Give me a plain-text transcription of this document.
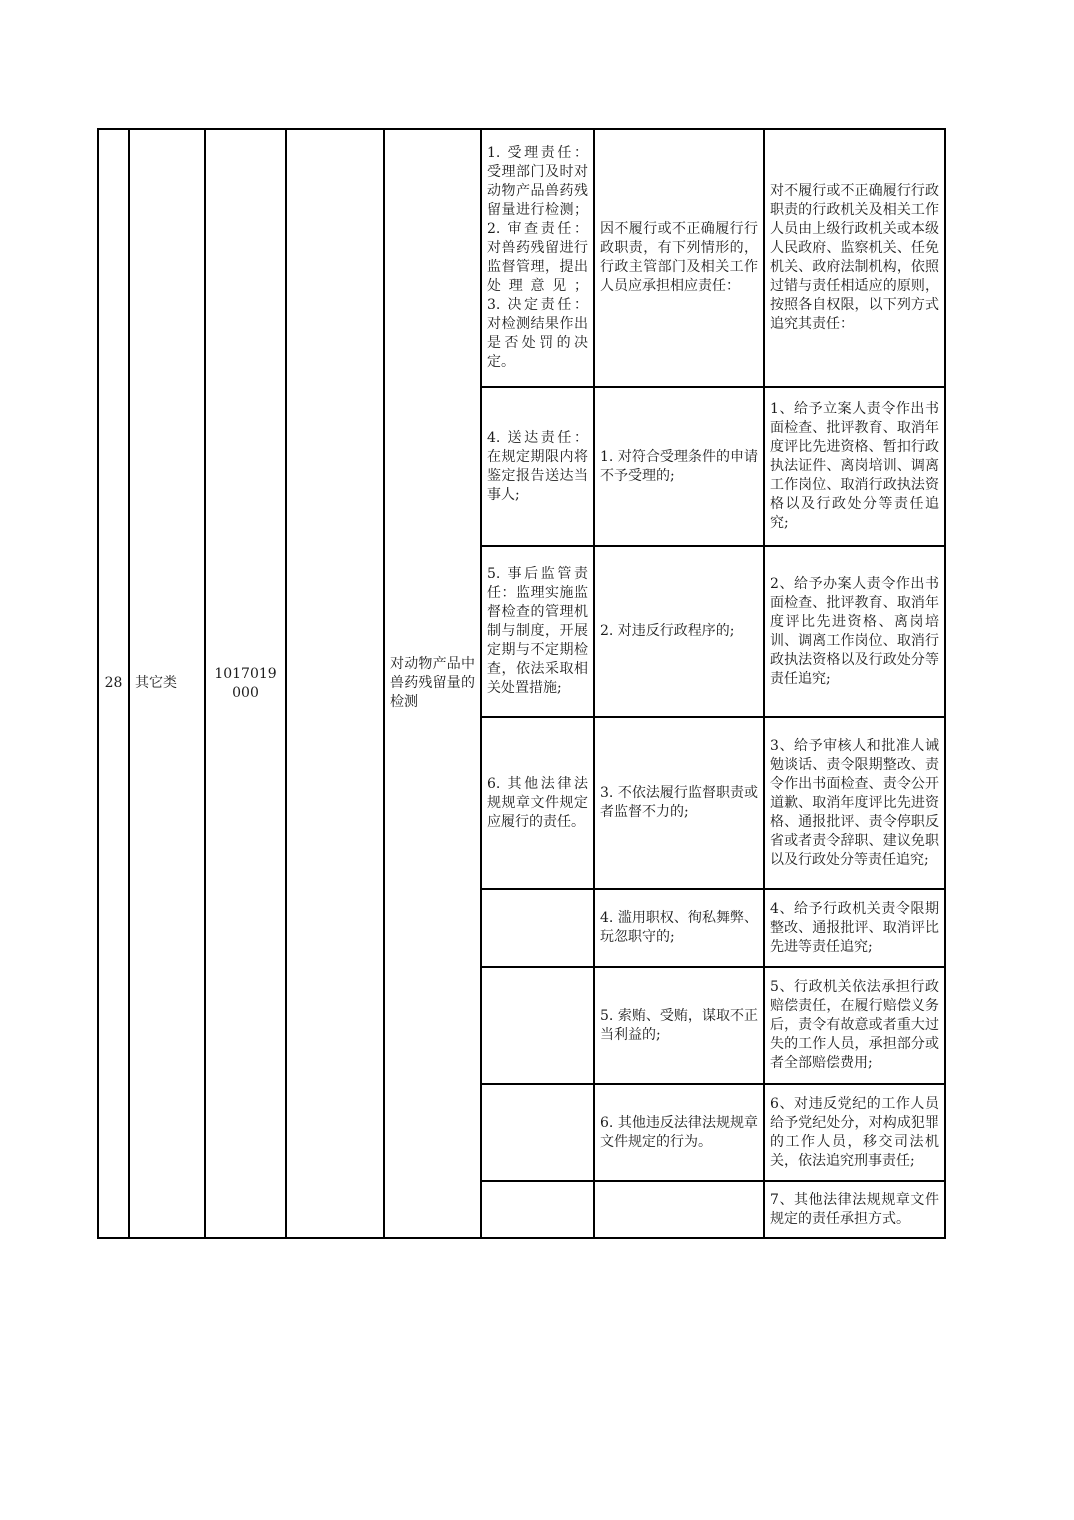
28	其它类	1017019000		对动物产品中兽药残留量的检测	1. 受理责任：受理部门及时对动物产品兽药残留量进行检测；

2. 审查责任：对兽药残留进行监督管理，提出处理意见；

3. 决定责任：对检测结果作出是否处罚的决定。	因不履行或不正确履行行政职责，有下列情形的，行政主管部门及相关工作人员应承担相应责任：	对不履行或不正确履行行政职责的行政机关及相关工作人员由上级行政机关或本级人民政府、监察机关、任免机关、政府法制机构，依照过错与责任相适应的原则，按照各自权限，以下列方式追究其责任：
					4. 送达责任：在规定期限内将鉴定报告送达当事人;	1. 对符合受理条件的申请不予受理的;	1、给予立案人责令作出书面检查、批评教育、取消年度评比先进资格、暂扣行政执法证件、离岗培训、调离工作岗位、取消行政执法资格以及行政处分等责任追究;
					5. 事后监管责任：监理实施监督检查的管理机制与制度，开展定期与不定期检查，依法采取相关处置措施;	2. 对违反行政程序的;	2、给予办案人责令作出书面检查、批评教育、取消年度评比先进资格、离岗培训、调离工作岗位、取消行政执法资格以及行政处分等责任追究;
					6. 其他法律法规规章文件规定应履行的责任。	3. 不依法履行监督职责或者监督不力的;	3、给予审核人和批准人诫勉谈话、责令限期整改、责令作出书面检查、责令公开道歉、取消年度评比先进资格、通报批评、责令停职反省或者责令辞职、建议免职以及行政处分等责任追究;
						4. 滥用职权、徇私舞弊、玩忽职守的;	4、给予行政机关责令限期整改、通报批评、取消评比先进等责任追究;
						5. 索贿、受贿，谋取不正当利益的;	5、行政机关依法承担行政赔偿责任，在履行赔偿义务后，责令有故意或者重大过失的工作人员，承担部分或者全部赔偿费用;
						6. 其他违反法律法规规章文件规定的行为。	6、对违反党纪的工作人员给予党纪处分，对构成犯罪的工作人员，移交司法机关，依法追究刑事责任;
							7、其他法律法规规章文件规定的责任承担方式。
